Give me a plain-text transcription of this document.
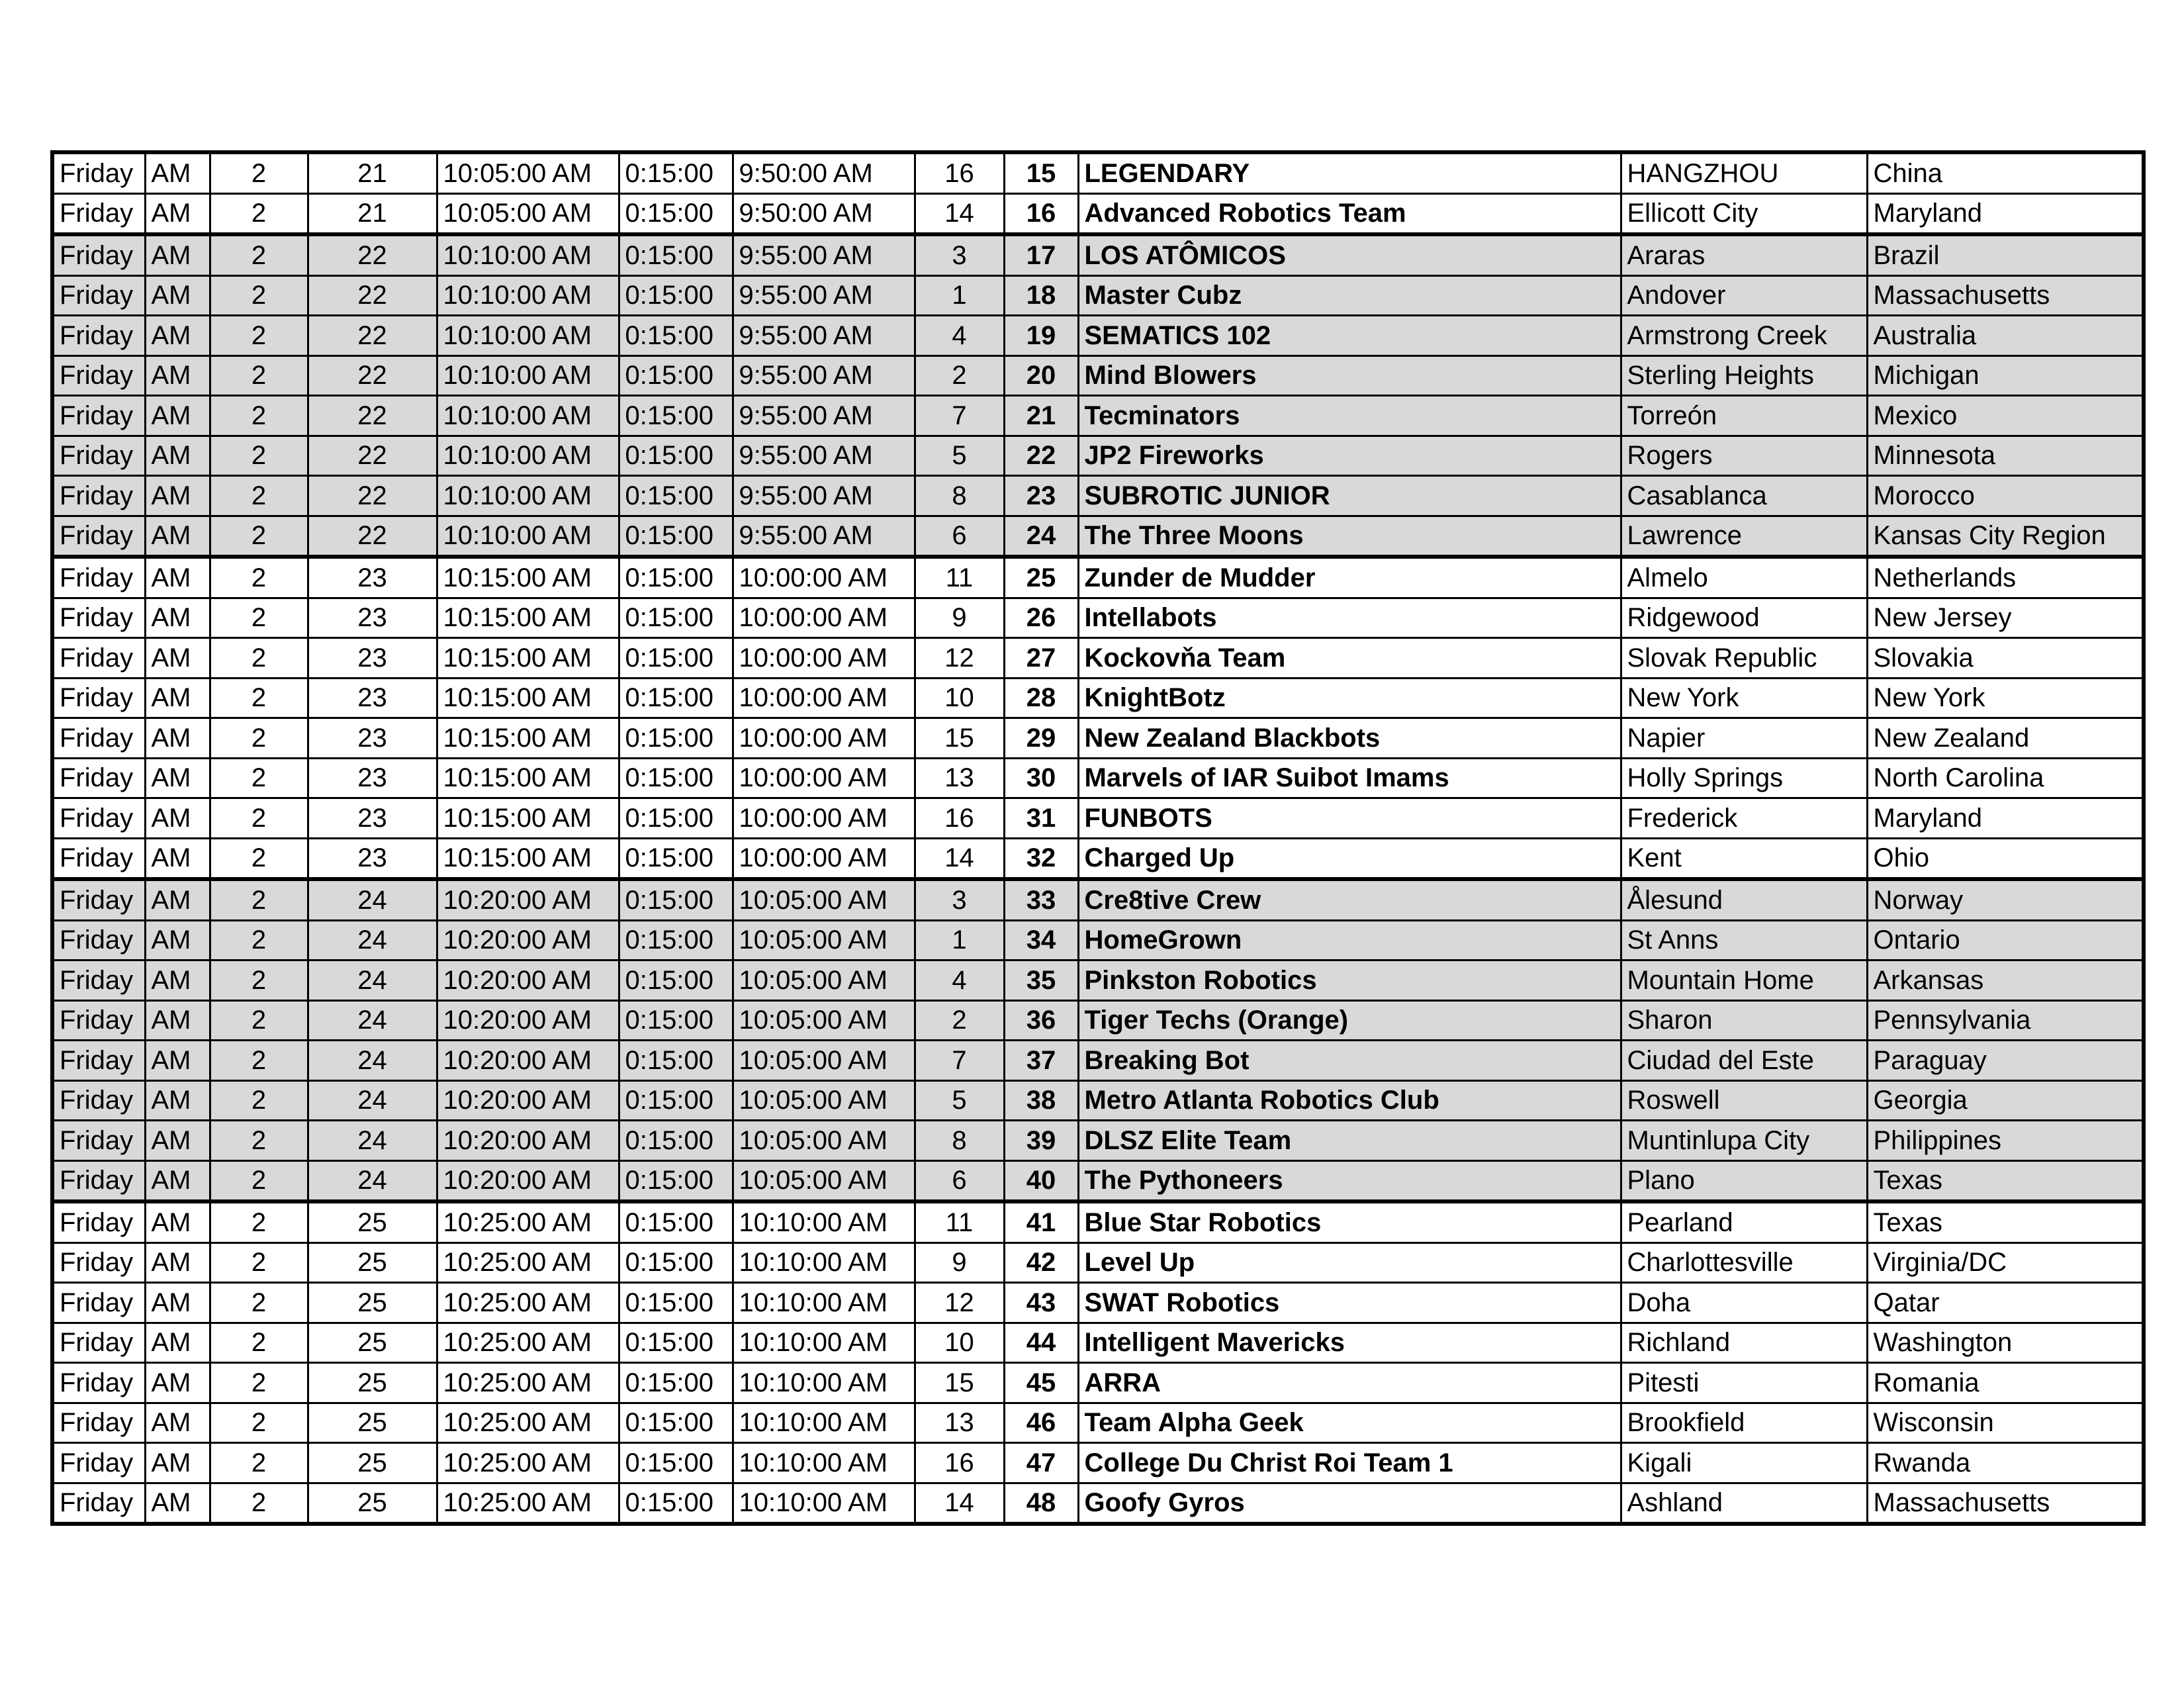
Friday	AM	2	21	10:05:00 AM	0:15:00	9:50:00 AM	16	15	LEGENDARY	HANGZHOU	China
Friday	AM	2	21	10:05:00 AM	0:15:00	9:50:00 AM	14	16	Advanced Robotics Team	Ellicott City	Maryland
Friday	AM	2	22	10:10:00 AM	0:15:00	9:55:00 AM	3	17	LOS ATÔMICOS	Araras	Brazil
Friday	AM	2	22	10:10:00 AM	0:15:00	9:55:00 AM	1	18	Master Cubz	Andover	Massachusetts
Friday	AM	2	22	10:10:00 AM	0:15:00	9:55:00 AM	4	19	SEMATICS 102	Armstrong Creek	Australia
Friday	AM	2	22	10:10:00 AM	0:15:00	9:55:00 AM	2	20	Mind Blowers	Sterling Heights	Michigan
Friday	AM	2	22	10:10:00 AM	0:15:00	9:55:00 AM	7	21	Tecminators	Torreón	Mexico
Friday	AM	2	22	10:10:00 AM	0:15:00	9:55:00 AM	5	22	JP2 Fireworks	Rogers	Minnesota
Friday	AM	2	22	10:10:00 AM	0:15:00	9:55:00 AM	8	23	SUBROTIC JUNIOR	Casablanca	Morocco
Friday	AM	2	22	10:10:00 AM	0:15:00	9:55:00 AM	6	24	The Three Moons	Lawrence	Kansas City Region
Friday	AM	2	23	10:15:00 AM	0:15:00	10:00:00 AM	11	25	Zunder de Mudder	Almelo	Netherlands
Friday	AM	2	23	10:15:00 AM	0:15:00	10:00:00 AM	9	26	Intellabots	Ridgewood	New Jersey
Friday	AM	2	23	10:15:00 AM	0:15:00	10:00:00 AM	12	27	Kockovňa Team	Slovak Republic	Slovakia
Friday	AM	2	23	10:15:00 AM	0:15:00	10:00:00 AM	10	28	KnightBotz	New York	New York
Friday	AM	2	23	10:15:00 AM	0:15:00	10:00:00 AM	15	29	New Zealand Blackbots	Napier	New Zealand
Friday	AM	2	23	10:15:00 AM	0:15:00	10:00:00 AM	13	30	Marvels of IAR Suibot Imams	Holly Springs	North Carolina
Friday	AM	2	23	10:15:00 AM	0:15:00	10:00:00 AM	16	31	FUNBOTS	Frederick	Maryland
Friday	AM	2	23	10:15:00 AM	0:15:00	10:00:00 AM	14	32	Charged Up	Kent	Ohio
Friday	AM	2	24	10:20:00 AM	0:15:00	10:05:00 AM	3	33	Cre8tive Crew	Ålesund	Norway
Friday	AM	2	24	10:20:00 AM	0:15:00	10:05:00 AM	1	34	HomeGrown	St Anns	Ontario
Friday	AM	2	24	10:20:00 AM	0:15:00	10:05:00 AM	4	35	Pinkston Robotics	Mountain Home	Arkansas
Friday	AM	2	24	10:20:00 AM	0:15:00	10:05:00 AM	2	36	Tiger Techs (Orange)	Sharon	Pennsylvania
Friday	AM	2	24	10:20:00 AM	0:15:00	10:05:00 AM	7	37	Breaking Bot	Ciudad del Este	Paraguay
Friday	AM	2	24	10:20:00 AM	0:15:00	10:05:00 AM	5	38	Metro Atlanta Robotics Club	Roswell	Georgia
Friday	AM	2	24	10:20:00 AM	0:15:00	10:05:00 AM	8	39	DLSZ Elite Team	Muntinlupa City	Philippines
Friday	AM	2	24	10:20:00 AM	0:15:00	10:05:00 AM	6	40	The Pythoneers	Plano	Texas
Friday	AM	2	25	10:25:00 AM	0:15:00	10:10:00 AM	11	41	Blue Star Robotics	Pearland	Texas
Friday	AM	2	25	10:25:00 AM	0:15:00	10:10:00 AM	9	42	Level Up	Charlottesville	Virginia/DC
Friday	AM	2	25	10:25:00 AM	0:15:00	10:10:00 AM	12	43	SWAT Robotics	Doha	Qatar
Friday	AM	2	25	10:25:00 AM	0:15:00	10:10:00 AM	10	44	Intelligent Mavericks	Richland	Washington
Friday	AM	2	25	10:25:00 AM	0:15:00	10:10:00 AM	15	45	ARRA	Pitesti	Romania
Friday	AM	2	25	10:25:00 AM	0:15:00	10:10:00 AM	13	46	Team Alpha Geek	Brookfield	Wisconsin
Friday	AM	2	25	10:25:00 AM	0:15:00	10:10:00 AM	16	47	College Du Christ Roi Team 1	Kigali	Rwanda
Friday	AM	2	25	10:25:00 AM	0:15:00	10:10:00 AM	14	48	Goofy Gyros	Ashland	Massachusetts
